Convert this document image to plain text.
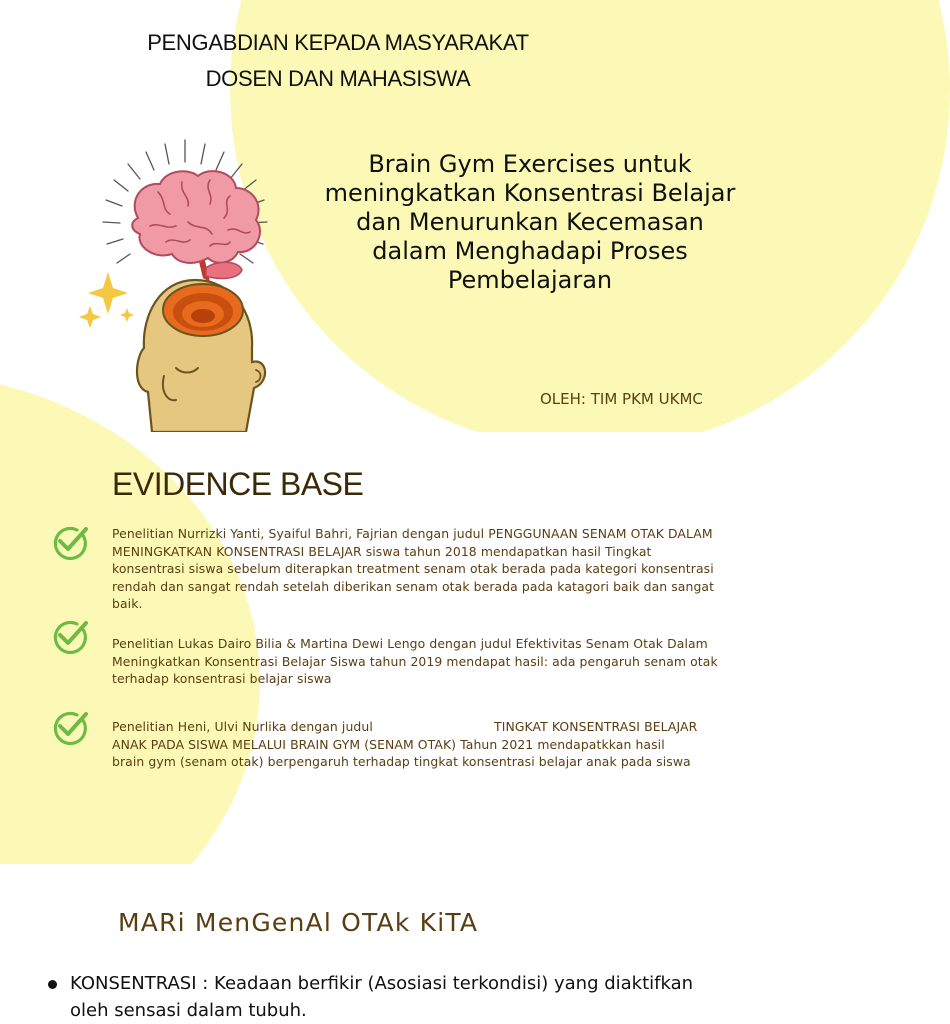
PENGABDIAN KEPADA MASYARAKAT
DOSEN DAN MAHASISWA
Brain Gym Exercises untuk meningkatkan Konsentrasi Belajar dan Menurunkan Kecemasan dalam Menghadapi Proses Pembelajaran
OLEH: TIM PKM UKMC
EVIDENCE BASE
Penelitian Nurrizki Yanti, Syaiful Bahri, Fajrian dengan judul PENGGUNAAN SENAM OTAK DALAM MENINGKATKAN KONSENTRASI BELAJAR siswa tahun 2018 mendapatkan hasil Tingkat konsentrasi siswa sebelum diterapkan treatment senam otak berada pada kategori konsentrasi rendah dan sangat rendah setelah diberikan senam otak berada pada katagori baik dan sangat baik.
Penelitian Lukas Dairo Bilia & Martina Dewi Lengo dengan judul Efektivitas Senam Otak Dalam Meningkatkan Konsentrasi Belajar Siswa tahun 2019 mendapat hasil: ada pengaruh senam otak terhadap konsentrasi belajar siswa
Penelitian Heni, Ulvi Nurlika dengan judul                              TINGKAT KONSENTRASI BELAJAR ANAK PADA SISWA MELALUI BRAIN GYM (SENAM OTAK) Tahun 2021 mendapatkkan hasil                              brain gym (senam otak) berpengaruh terhadap tingkat konsentrasi belajar anak pada siswa
MARi MenGenAl OTAk KiTA
KONSENTRASI : Keadaan berfikir (Asosiasi terkondisi) yang diaktifkan oleh sensasi dalam tubuh.
